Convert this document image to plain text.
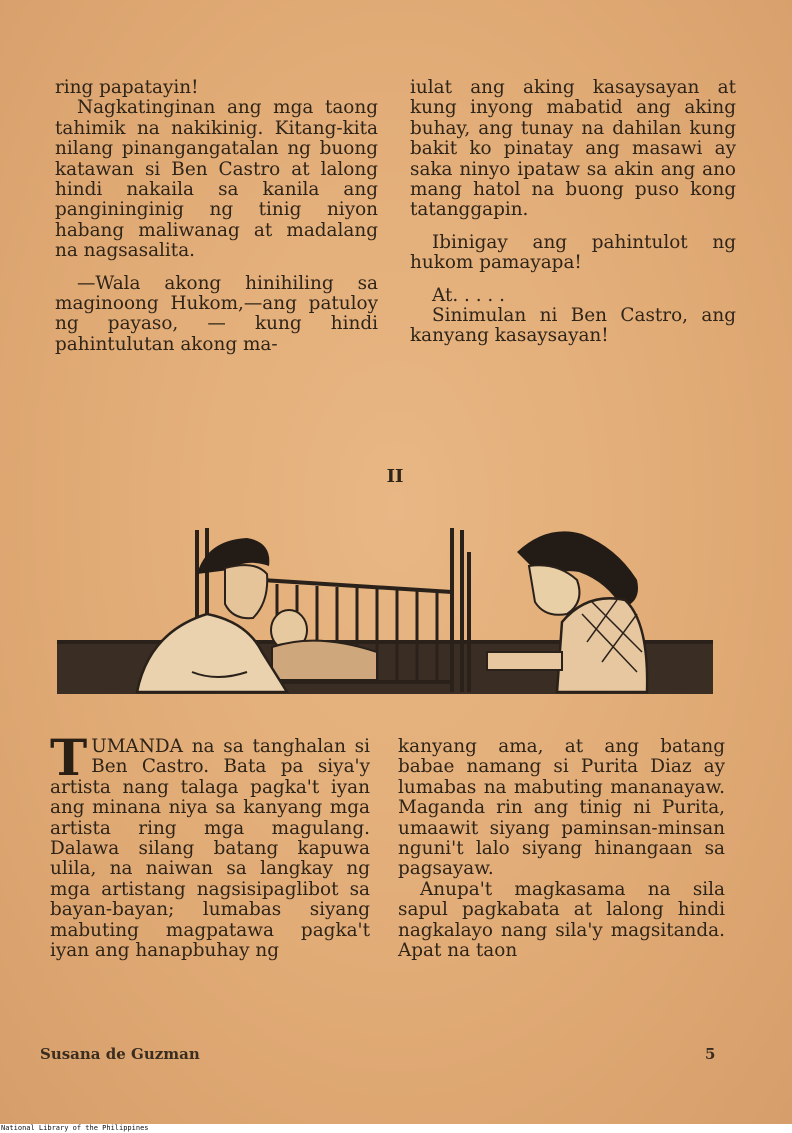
ring papatayin!

Nagkatinginan ang mga taong tahimik na nakikinig. Kitang-kita nilang pinangangatalan ng buong katawan si Ben Castro at lalong hindi nakaila sa kanila ang pangininginig ng tinig niyon habang maliwanag at madalang na nagsasalita.

—Wala akong hinihiling sa maginoong Hukom,—ang patuloy ng payaso, — kung hindi pahintulutan akong ma-

iulat ang aking kasaysayan at kung inyong mabatid ang aking buhay, ang tunay na dahilan kung bakit ko pinatay ang masawi ay saka ninyo ipataw sa akin ang ano mang hatol na buong puso kong tatanggapin.

Ibinigay ang pahintulot ng hukom pamayapa!

At. . . . .

Sinimulan ni Ben Castro, ang kanyang kasaysayan!

II

TUMANDA na sa tanghalan si Ben Castro. Bata pa siya'y artista nang talaga pagka't iyan ang minana niya sa kanyang mga artista ring mga magulang. Dalawa silang batang kapuwa ulila, na naiwan sa langkay ng mga artistang nagsisipaglibot sa bayan-bayan; lumabas siyang mabuting magpatawa pagka't iyan ang hanapbuhay ng

kanyang ama, at ang batang babae namang si Purita Diaz ay lumabas na mabuting mananayaw. Maganda rin ang tinig ni Purita, umaawit siyang paminsan-minsan nguni't lalo siyang hinangaan sa pagsayaw.

Anupa't magkasama na sila sapul pagkabata at lalong hindi nagkalayo nang sila'y magsitanda. Apat na taon

Susana de Guzman	5
National Library of the Philippines
